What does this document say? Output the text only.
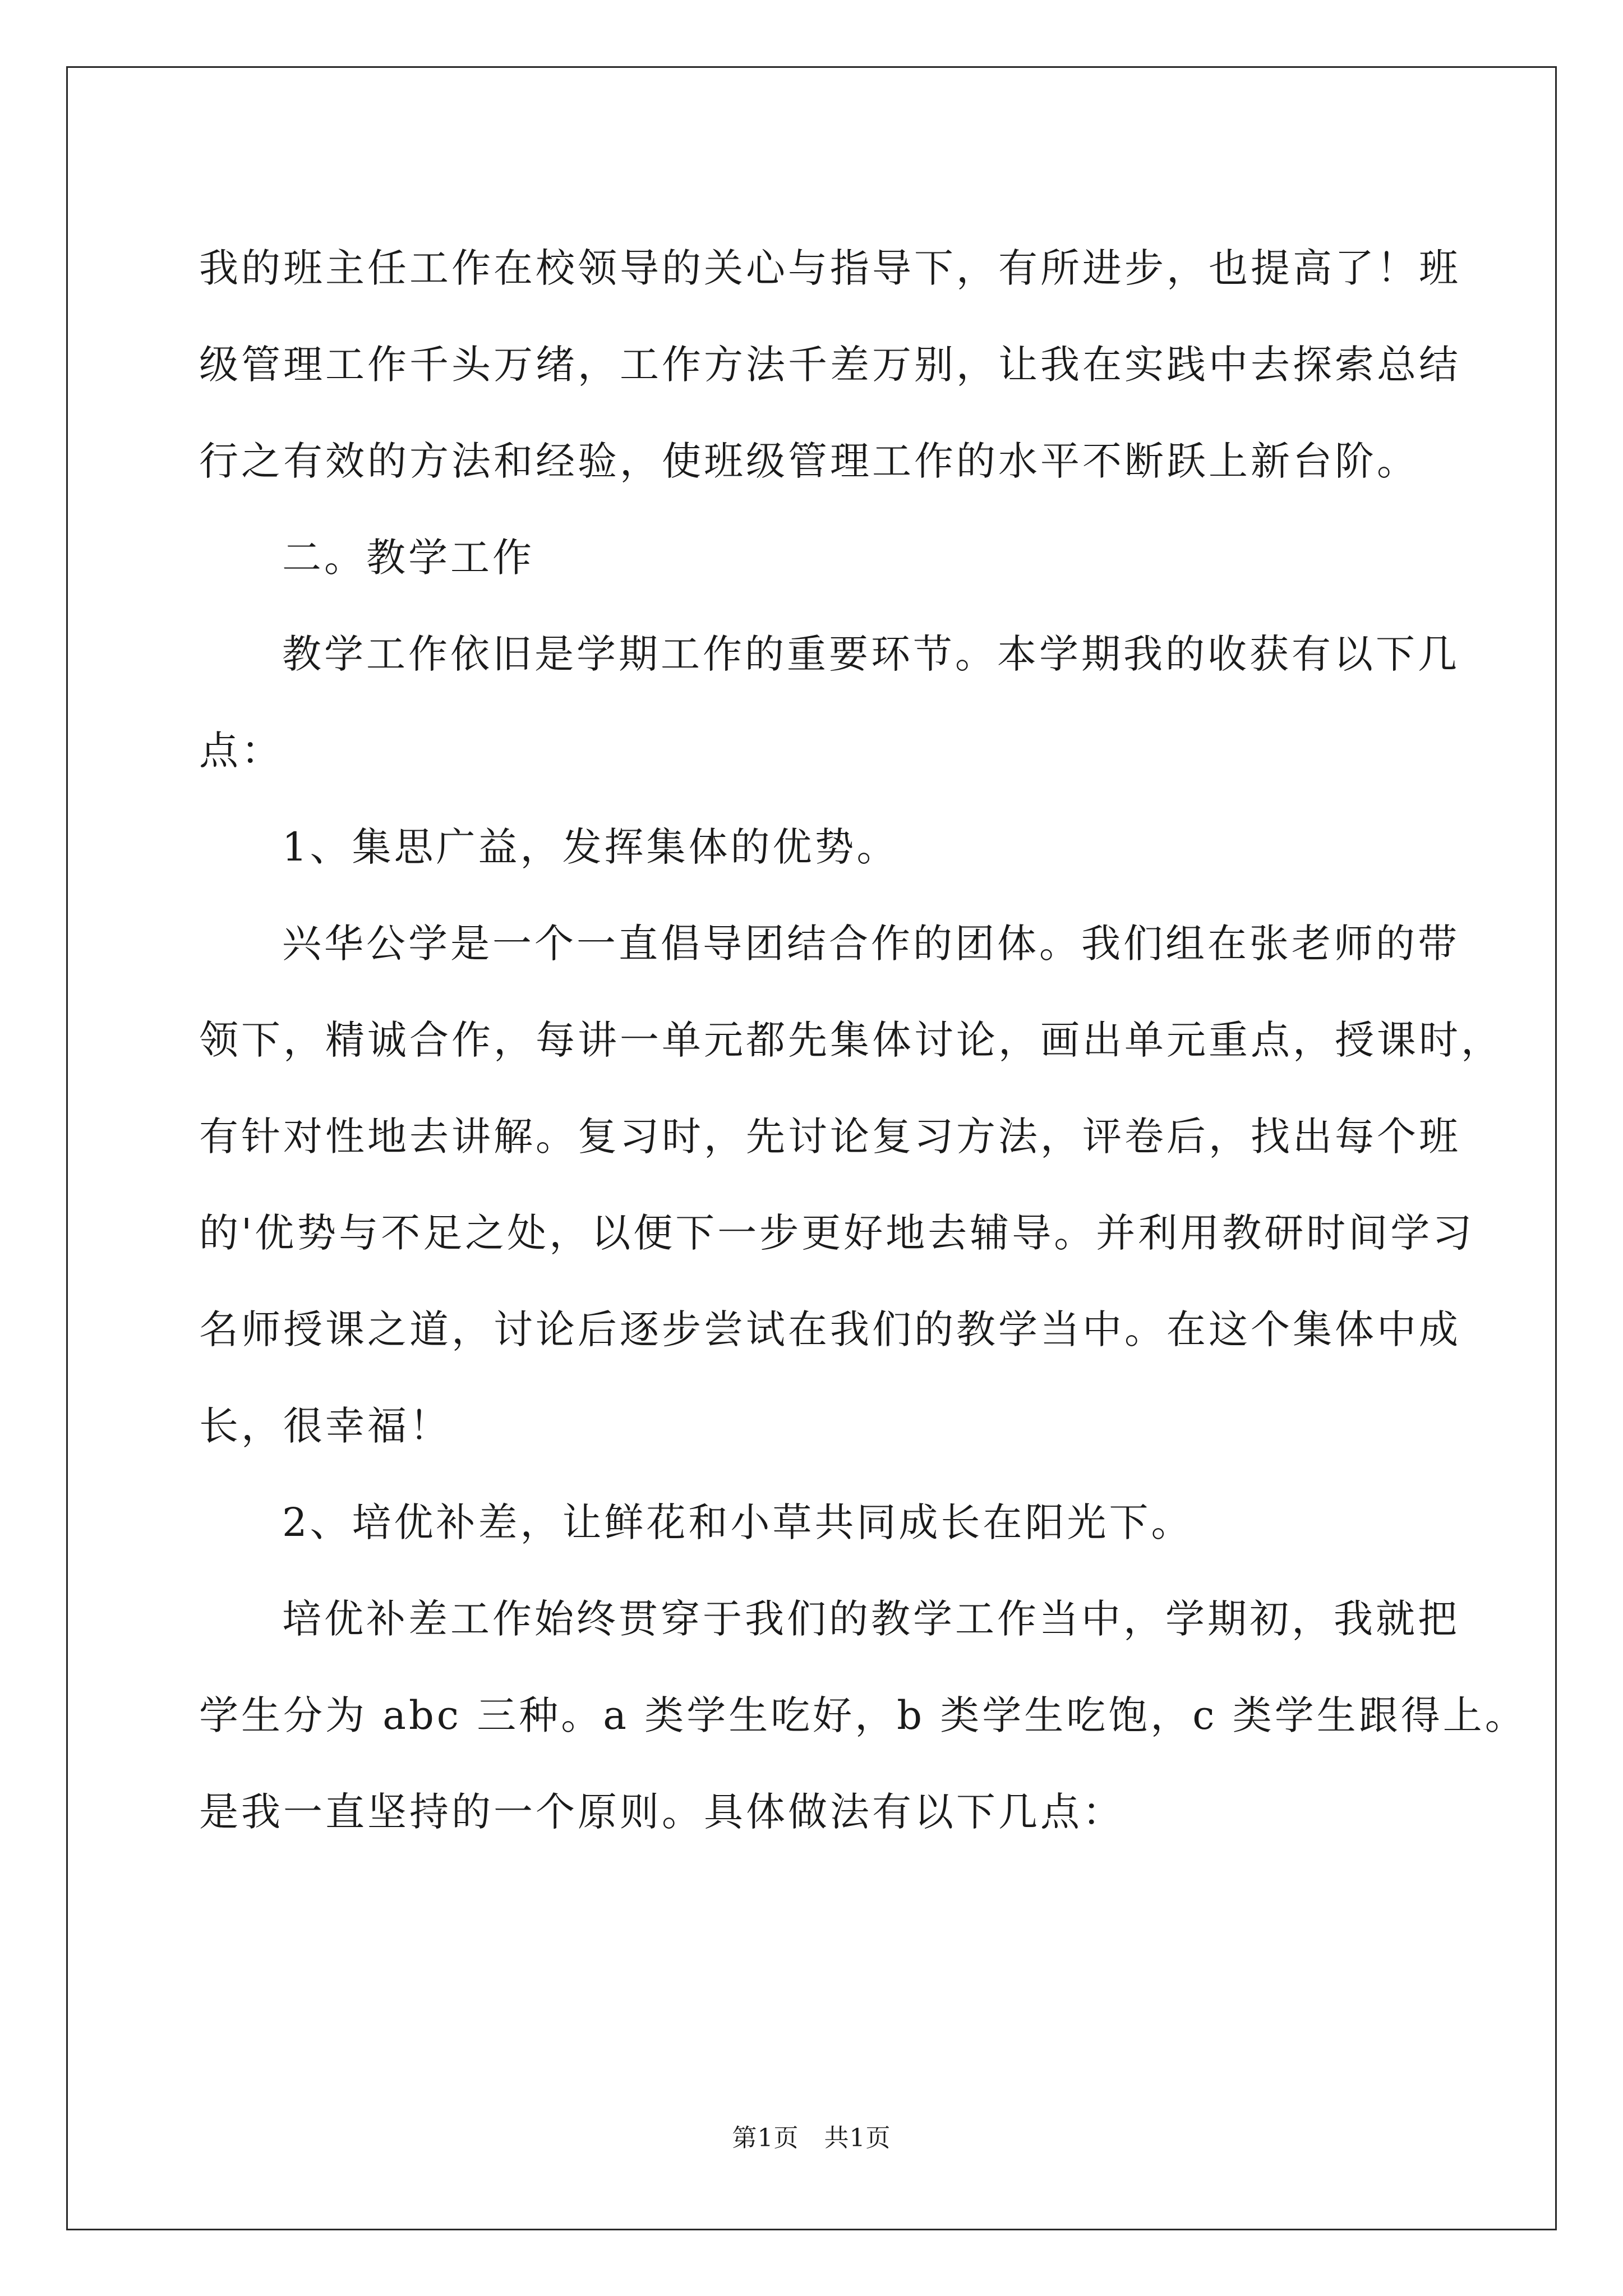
我的班主任工作在校领导的关心与指导下，有所进步，也提高了！班

级管理工作千头万绪，工作方法千差万别，让我在实践中去探索总结

行之有效的方法和经验，使班级管理工作的水平不断跃上新台阶。

二。教学工作

教学工作依旧是学期工作的重要环节。本学期我的收获有以下几

点：

1、集思广益，发挥集体的优势。

兴华公学是一个一直倡导团结合作的团体。我们组在张老师的带

领下，精诚合作，每讲一单元都先集体讨论，画出单元重点，授课时，

有针对性地去讲解。复习时，先讨论复习方法，评卷后，找出每个班

的'优势与不足之处，以便下一步更好地去辅导。并利用教研时间学习

名师授课之道，讨论后逐步尝试在我们的教学当中。在这个集体中成

长，很幸福！

2、培优补差，让鲜花和小草共同成长在阳光下。

培优补差工作始终贯穿于我们的教学工作当中，学期初，我就把

学生分为 abc 三种。a 类学生吃好，b 类学生吃饱，c 类学生跟得上。

是我一直坚持的一个原则。具体做法有以下几点：

第1页   共1页
